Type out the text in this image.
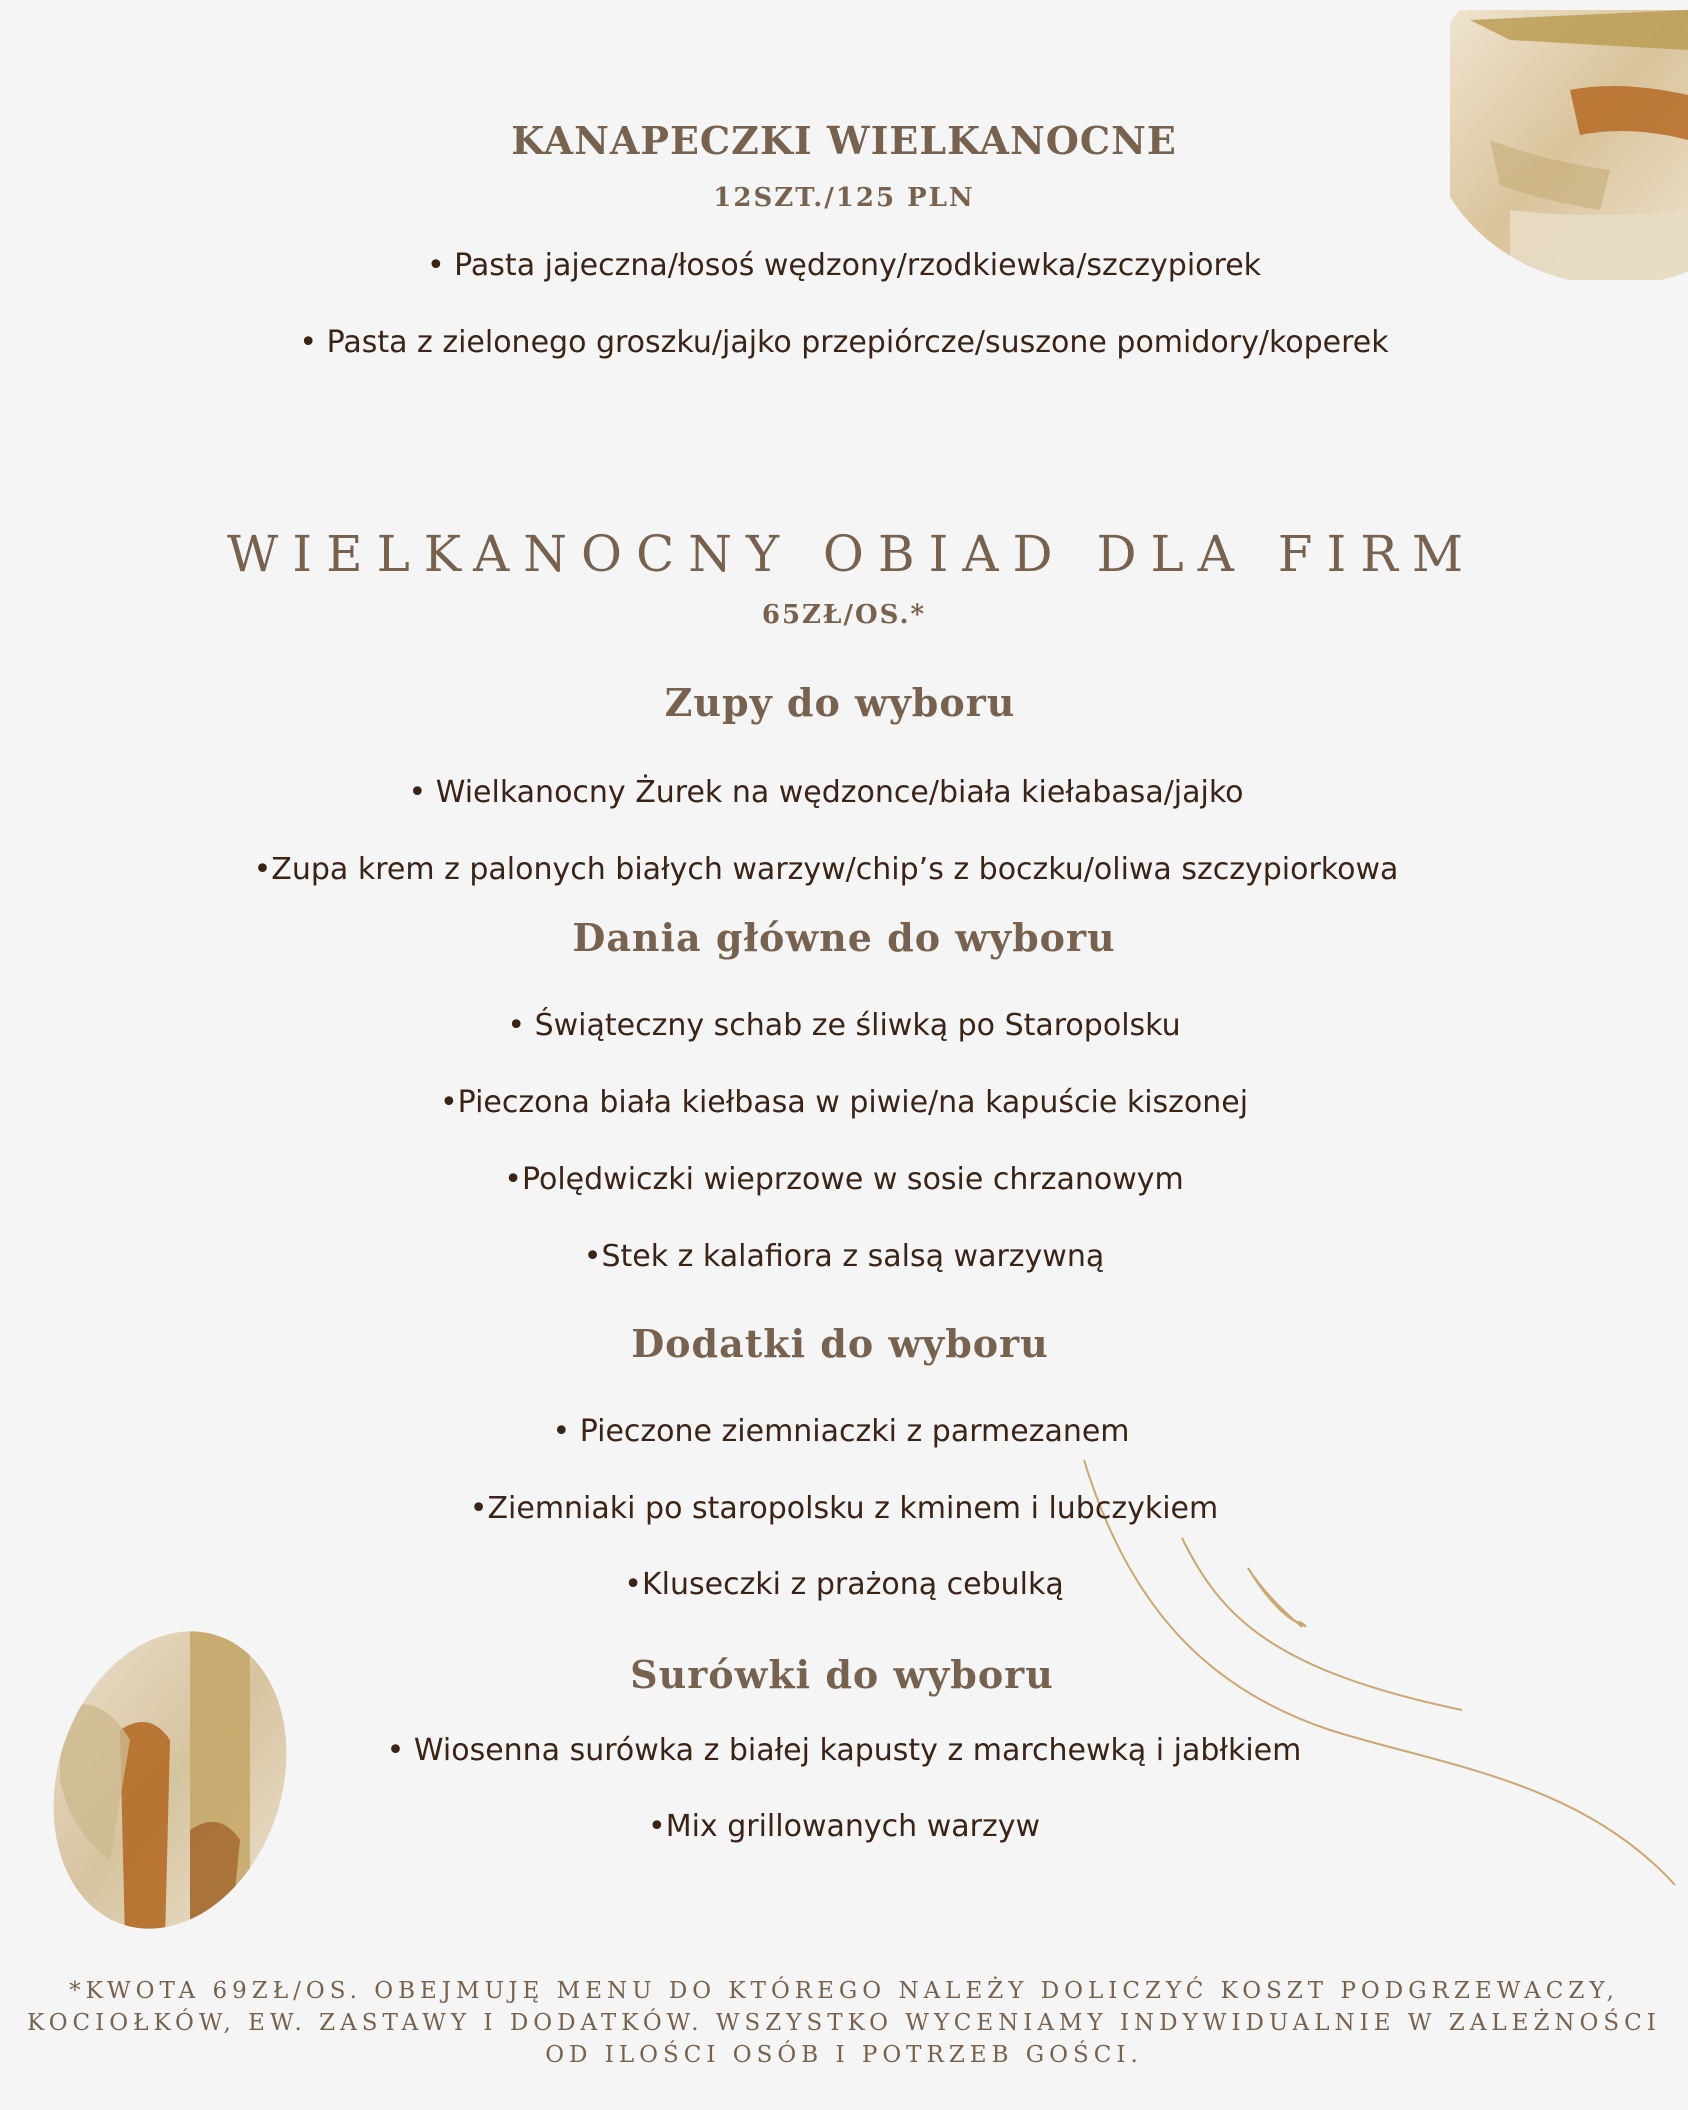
KANAPECZKI WIELKANOCNE
12SZT./125 PLN
• Pasta jajeczna/łosoś wędzony/rzodkiewka/szczypiorek
• Pasta z zielonego groszku/jajko przepiórcze/suszone pomidory/koperek
WIELKANOCNY OBIAD DLA FIRM
65ZŁ/OS.*
Zupy do wyboru
• Wielkanocny Żurek na wędzonce/biała kiełabasa/jajko
•Zupa krem z palonych białych warzyw/chip’s z boczku/oliwa szczypiorkowa
Dania główne do wyboru
• Świąteczny schab ze śliwką po Staropolsku
•Pieczona biała kiełbasa w piwie/na kapuście kiszonej
•Polędwiczki wieprzowe w sosie chrzanowym
•Stek z kalafiora z salsą warzywną
Dodatki do wyboru
• Pieczone ziemniaczki z parmezanem
•Ziemniaki po staropolsku z kminem i lubczykiem
•Kluseczki z prażoną cebulką
Surówki do wyboru
• Wiosenna surówka z białej kapusty z marchewką i jabłkiem
•Mix grillowanych warzyw
*KWOTA 69ZŁ/OS. OBEJMUJĘ MENU DO KTÓREGO NALEŻY DOLICZYĆ KOSZT PODGRZEWACZY,
KOCIOŁKÓW, EW. ZASTAWY I DODATKÓW. WSZYSTKO WYCENIAMY INDYWIDUALNIE W ZALEŻNOŚCI
OD ILOŚCI OSÓB I POTRZEB GOŚCI.
